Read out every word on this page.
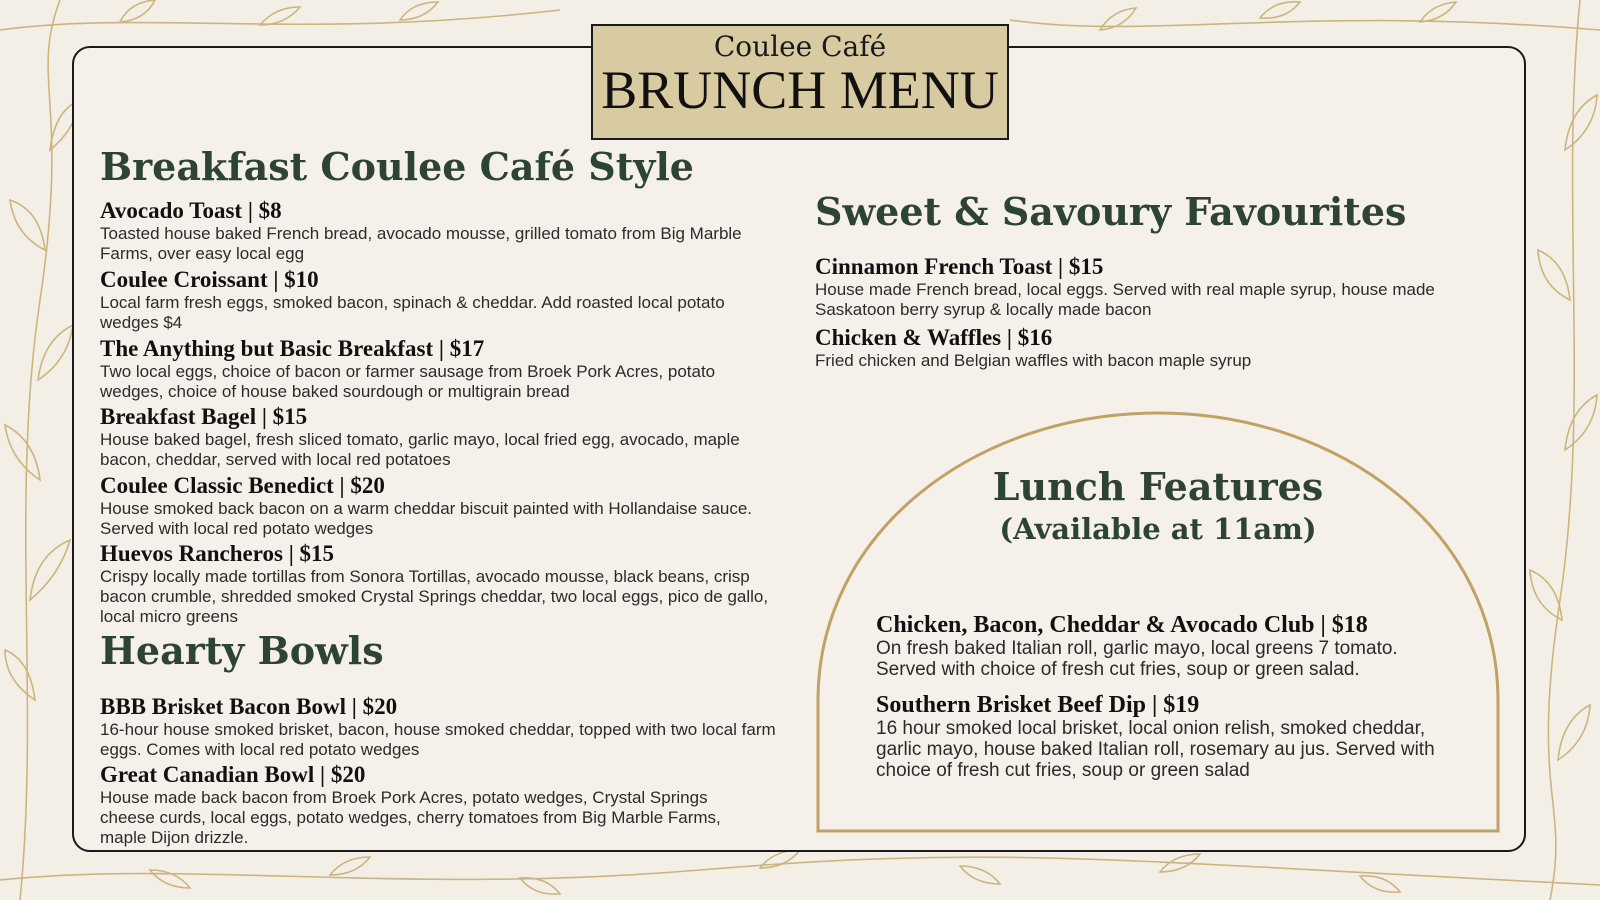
Coulee Café
BRUNCH MENU
Breakfast Coulee Café Style
Avocado Toast | $8
Toasted house baked French bread, avocado mousse, grilled tomato from Big Marble Farms, over easy local egg
Coulee Croissant | $10
Local farm fresh eggs, smoked bacon, spinach & cheddar. Add roasted local potato wedges $4
The Anything but Basic Breakfast | $17
Two local eggs, choice of bacon or farmer sausage from Broek Pork Acres, potato wedges, choice of house baked sourdough or multigrain bread
Breakfast Bagel | $15
House baked bagel, fresh sliced tomato, garlic mayo, local fried egg, avocado, maple bacon, cheddar, served with local red potatoes
Coulee Classic Benedict | $20
House smoked back bacon on a warm cheddar biscuit painted with Hollandaise sauce. Served with local red potato wedges
Huevos Rancheros | $15
Crispy locally made tortillas from Sonora Tortillas, avocado mousse, black beans, crisp bacon crumble, shredded smoked Crystal Springs cheddar, two local eggs, pico de gallo, local micro greens
Hearty Bowls
BBB Brisket Bacon Bowl | $20
16-hour house smoked brisket, bacon, house smoked cheddar, topped with two local farm eggs. Comes with local red potato wedges
Great Canadian Bowl | $20
House made back bacon from Broek Pork Acres, potato wedges, Crystal Springs cheese curds, local eggs, potato wedges, cherry tomatoes from Big Marble Farms, maple Dijon drizzle.
Sweet & Savoury Favourites
Cinnamon French Toast | $15
House made French bread, local eggs. Served with real maple syrup, house made Saskatoon berry syrup & locally made bacon
Chicken & Waffles | $16
Fried chicken and Belgian waffles with bacon maple syrup
Lunch Features
(Available at 11am)
Chicken, Bacon, Cheddar & Avocado Club | $18
On fresh baked Italian roll, garlic mayo, local greens 7 tomato. Served with choice of fresh cut fries, soup or green salad.
Southern Brisket Beef Dip | $19
16 hour smoked local brisket, local onion relish, smoked cheddar, garlic mayo, house baked Italian roll, rosemary au jus. Served with choice of fresh cut fries, soup or green salad
